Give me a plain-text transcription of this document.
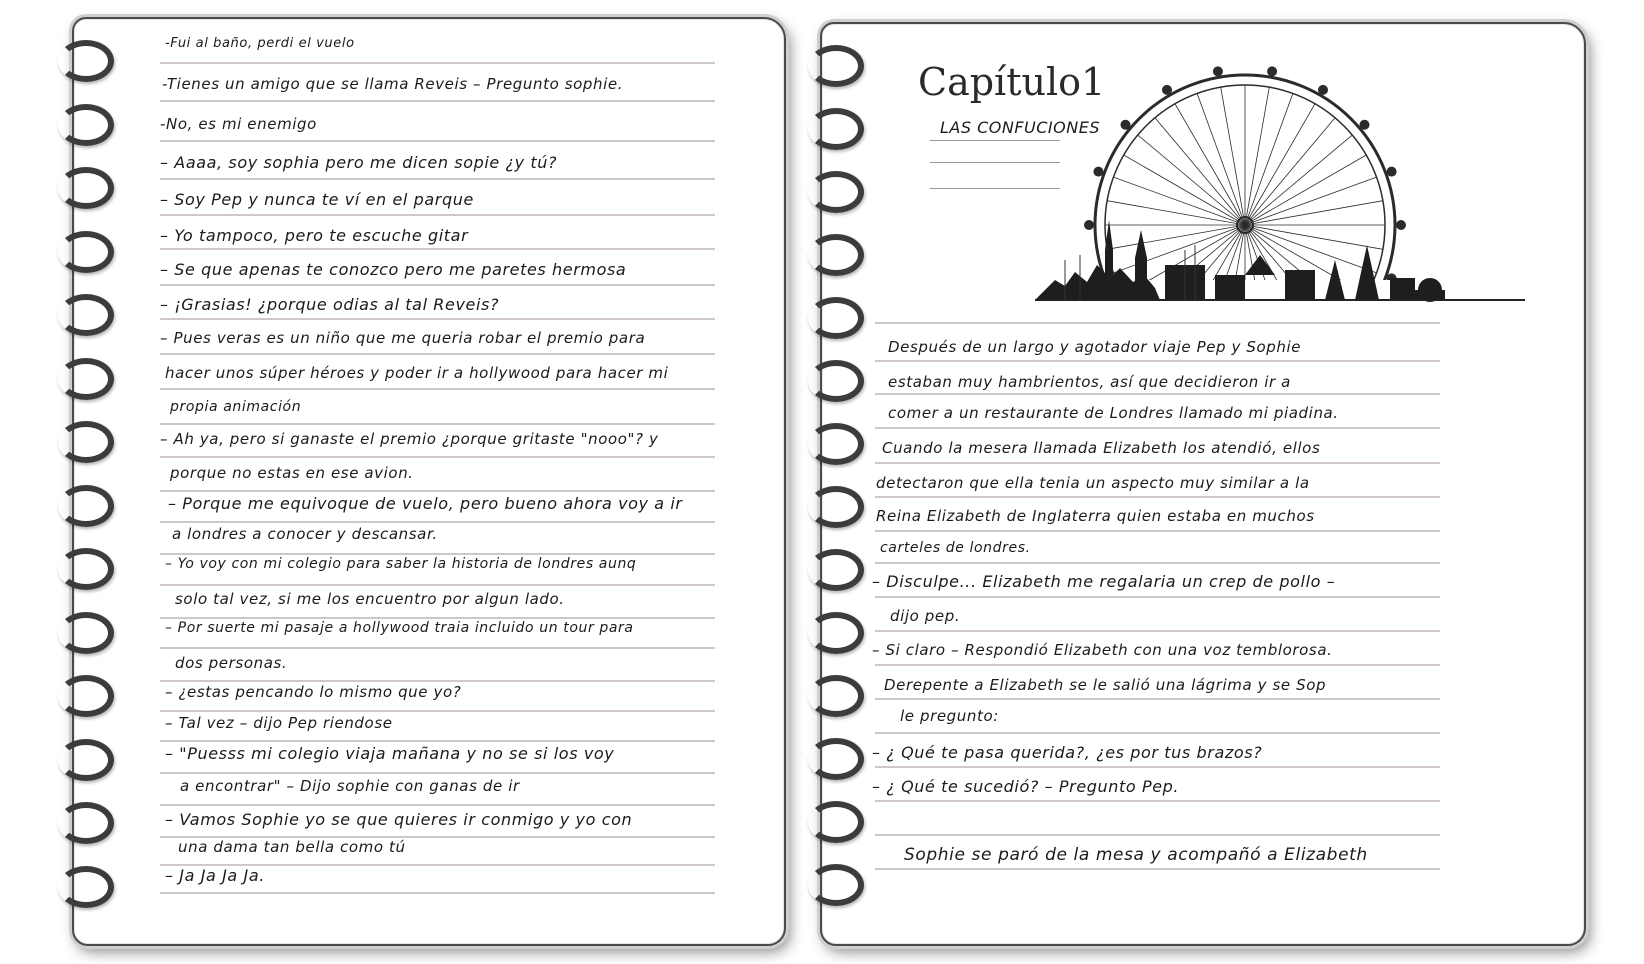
-Fui al baño, perdi el vuelo
-Tienes un amigo que se llama Reveis – Pregunto sophie.
-No, es mi enemigo
– Aaaa, soy sophia pero me dicen sopie ¿y tú?
– Soy Pep y nunca te ví en el parque
– Yo tampoco, pero te escuche gitar
– Se que apenas te conozco pero me paretes hermosa
– ¡Grasias! ¿porque odias al tal Reveis?
– Pues veras es un niño que me queria robar el premio para
hacer unos súper héroes y poder ir a hollywood para hacer mi
propia animación
– Ah ya, pero si ganaste el premio ¿porque gritaste "nooo"? y
porque no estas en ese avion.
– Porque me equivoque de vuelo, pero bueno ahora voy a ir
a londres a conocer y descansar.
– Yo voy con mi colegio para saber la historia de londres aunq
solo tal vez, si me los encuentro por algun lado.
– Por suerte mi pasaje a hollywood traia incluido un tour para
dos personas.
– ¿estas pencando lo mismo que yo?
– Tal vez – dijo Pep riendose
– "Puesss mi colegio viaja mañana y no se si los voy
a encontrar" – Dijo sophie con ganas de ir
– Vamos Sophie yo se que quieres ir conmigo y yo con
una dama tan bella como tú
– Ja Ja Ja Ja.
Capítulo1
LAS CONFUCIONES
Después de un largo y agotador viaje Pep y Sophie
estaban muy hambrientos, así que decidieron ir a
comer a un restaurante de Londres llamado mi piadina.
Cuando la mesera llamada Elizabeth los atendió, ellos
detectaron que ella tenia un aspecto muy similar a la
Reina Elizabeth de Inglaterra quien estaba en muchos
carteles de londres.
– Disculpe... Elizabeth me regalaria un crep de pollo –
dijo pep.
– Si claro – Respondió Elizabeth con una voz temblorosa.
Derepente a Elizabeth se le salió una lágrima y se Sop
le pregunto:
– ¿ Qué te pasa querida?, ¿es por tus brazos?
– ¿ Qué te sucedió? – Pregunto Pep.
Sophie se paró de la mesa y acompañó a Elizabeth
